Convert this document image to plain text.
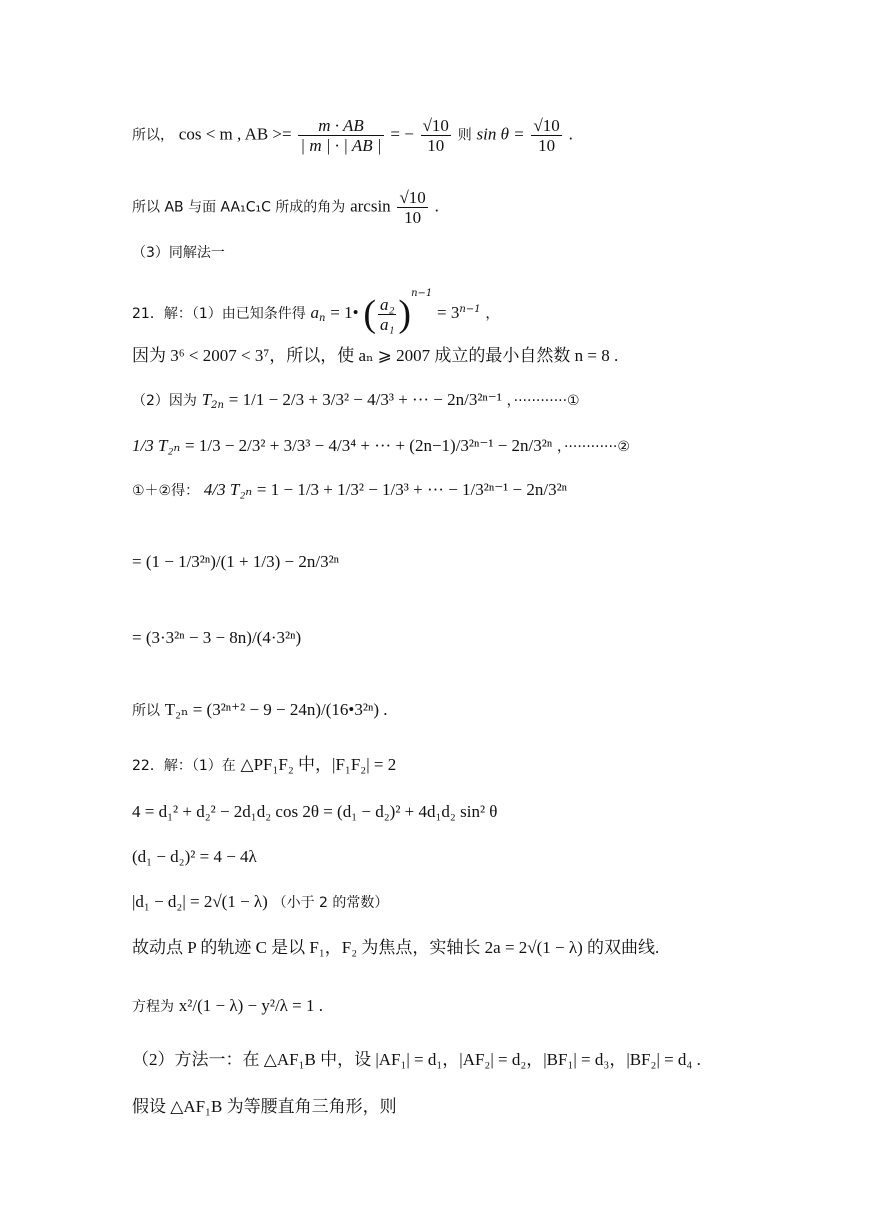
所以， cos < m , AB >= $\frac{m \cdot AB}{| m | \cdot | AB |}$ = − $\frac{√10}{10}$ 则 $\sin \theta = \frac{√10}{10}$ .
所以 AB 与面 AA₁C₁C 所成的角为 $\arcsin \frac{√10}{10}$ .
（3）同解法一
21．解：（1）由已知条件得 $a_n$ = 1• ( $\frac{\text{a₂}}{\text{a₁}} )^{n-1} = 3^{n-1}$ ，
因为 3⁶ < 2007 < 3⁷，所以，使 aₙ ⩾ 2007 成立的最小自然数 n = 8 .
（2）因为 $T_{2n} = 1/1 - 2/3 + 3/3^2 - 4/3^3$ + ··· − 2n/3²ⁿ⁻¹ ，············①
1/3 T₂ₙ = 1/3 − 2/3² + 3/3³ − 4/3⁴ + ··· + (2n−1)/3²ⁿ⁻¹ − 2n/3²ⁿ ，············②
①＋②得： 4/3 T₂ₙ = 1 − 1/3 + 1/3² − 1/3³ + ··· − 1/3²ⁿ⁻¹ − 2n/3²ⁿ
= (1 − 1/3²ⁿ)/(1 + 1/3) − 2n/3²ⁿ
= (3·3²ⁿ − 3 − 8n)/(4·3²ⁿ)
所以 T₂ₙ = (3²ⁿ⁺² − 9 − 24n)/(16•3²ⁿ) .
22．解：（1）在 △PF₁F₂ 中，|F₁F₂| = 2
4 = d₁² + d₂² − 2d₁d₂ cos 2θ = (d₁ − d₂)² + 4d₁d₂ sin² θ
(d₁ − d₂)² = 4 − 4λ
|d₁ − d₂| = 2√(1 − λ) （小于 2 的常数）
故动点 P 的轨迹 C 是以 F₁，F₂ 为焦点，实轴长 2a = 2√(1 − λ) 的双曲线.
方程为 x²/(1 − λ) − y²/λ = 1 .
（2）方法一：在 △AF₁B 中，设 |AF₁| = d₁，|AF₂| = d₂，|BF₁| = d₃，|BF₂| = d₄ .
假设 △AF₁B 为等腰直角三角形，则
